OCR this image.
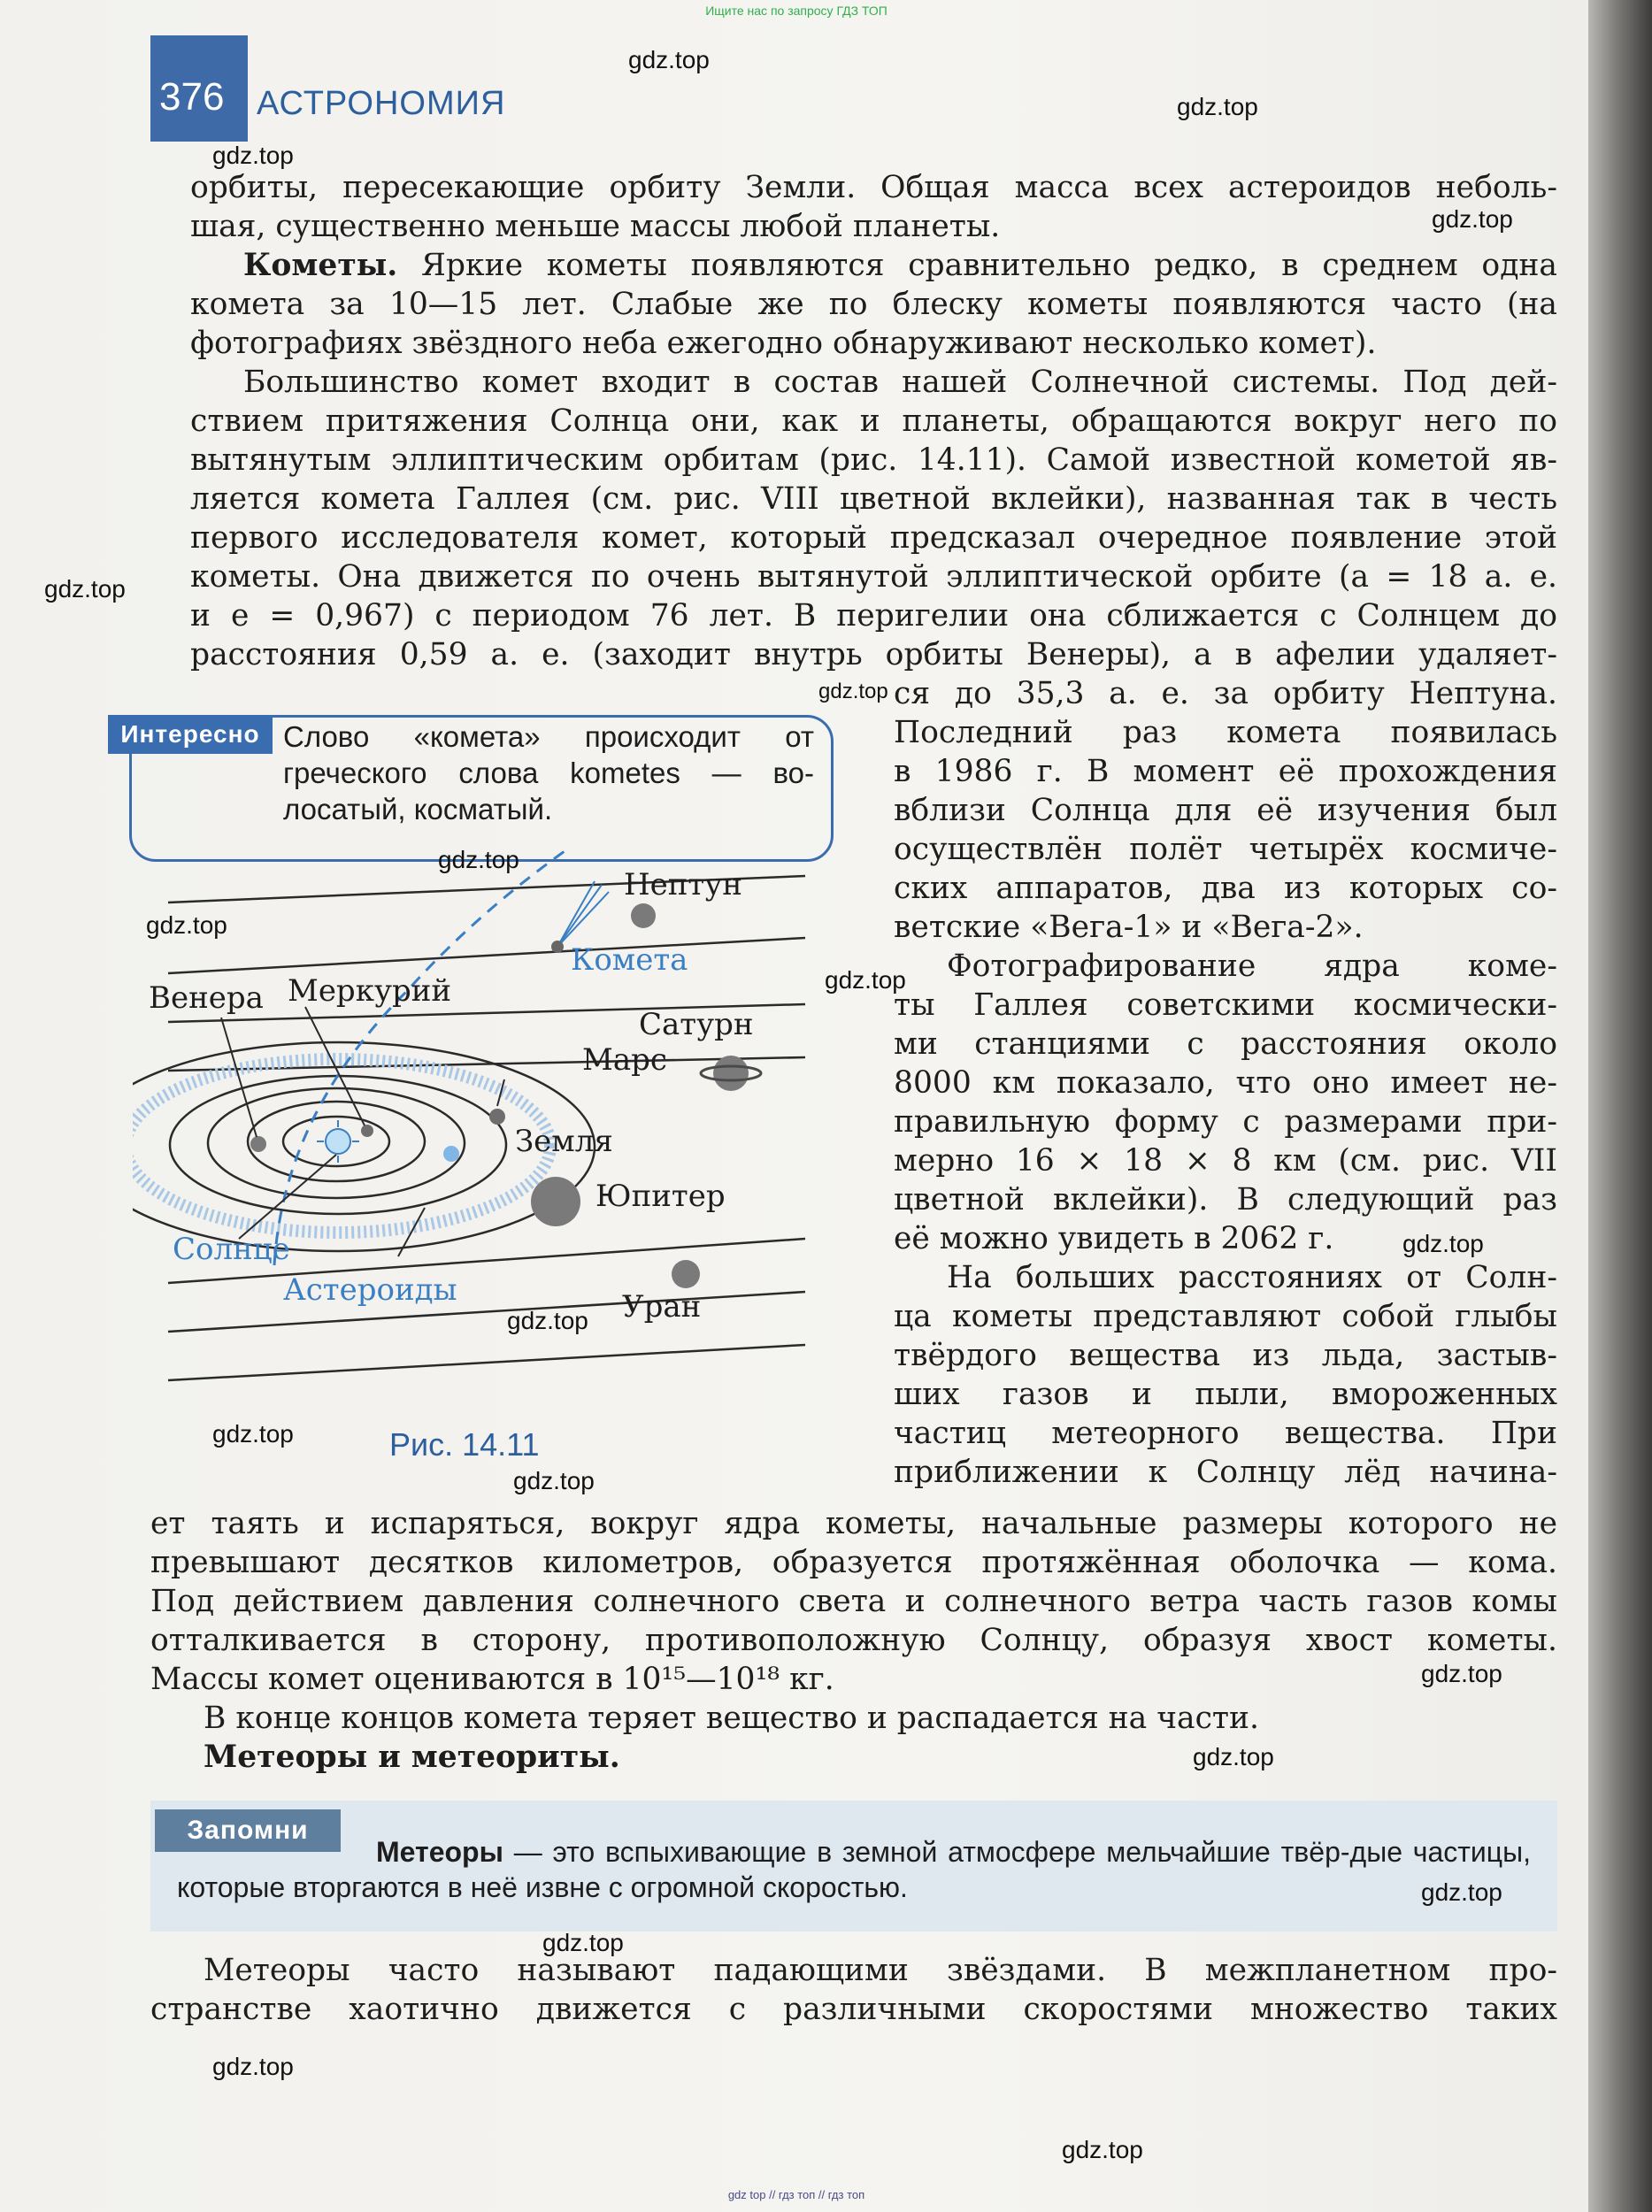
Ищите нас по запросу ГДЗ ТОП
376 АСТРОНОМИЯ

орбиты, пересекающие орбиту Земли. Общая масса всех астероидов неболь-

шая, существенно меньше массы любой планеты.

Кометы. Яркие кометы появляются сравнительно редко, в среднем одна

комета за 10—15 лет. Слабые же по блеску кометы появляются часто (на

фотографиях звёздного неба ежегодно обнаруживают несколько комет).

Большинство комет входит в состав нашей Солнечной системы. Под дей-

ствием притяжения Солнца они, как и планеты, обращаются вокруг него по

вытянутым эллиптическим орбитам (рис. 14.11). Самой известной кометой яв-

ляется комета Галлея (см. рис. VIII цветной вклейки), названная так в честь

первого исследователя комет, который предсказал очередное появление этой

кометы. Она движется по очень вытянутой эллиптической орбите (a = 18 а. е.

и e = 0,967) с периодом 76 лет. В перигелии она сближается с Солнцем до

расстояния 0,59 а. е. (заходит внутрь орбиты Венеры), а в афелии удаляет-

ся до 35,3 а. е. за орбиту Нептуна.

Последний раз комета появилась

в 1986 г. В момент её прохождения

вблизи Солнца для её изучения был

осуществлён полёт четырёх космиче-

ских аппаратов, два из которых со-

ветские «Вега-1» и «Вега-2».

Фотографирование ядра коме-

ты Галлея советскими космически-

ми станциями с расстояния около

8000 км показало, что оно имеет не-

правильную форму с размерами при-

мерно 16 × 18 × 8 км (см. рис. VII

цветной вклейки). В следующий раз

её можно увидеть в 2062 г.

На больших расстояниях от Солн-

ца кометы представляют собой глыбы

твёрдого вещества из льда, застыв-

ших газов и пыли, вмороженных

частиц метеорного вещества. При

приближении к Солнцу лёд начина-

Интересно Слово «комета» происходит от греческого слова kometes — во-лосатый, косматый.
Нептун
Комета
Венера Меркурий
Сатурн
Марс
Земля
Юпитер
Солнце
Астероиды	Уран
Рис. 14.11

ет таять и испаряться, вокруг ядра кометы, начальные размеры которого не

превышают десятков километров, образуется протяжённая оболочка — кома.

Под действием давления солнечного света и солнечного ветра часть газов комы

отталкивается в сторону, противоположную Солнцу, образуя хвост кометы.

Массы комет оцениваются в 10¹⁵—10¹⁸ кг.

В конце концов комета теряет вещество и распадается на части.
Метеоры и метеориты.
Запомни
Метеоры — это вспыхивающие в земной атмосфере мельчайшие твёр-дые частицы, которые вторгаются в неё извне с огромной скоростью.

Метеоры часто называют падающими звёздами. В межпланетном про-

странстве хаотично движется с различными скоростями множество таких

gdz.top
gdz.top
gdz.top
gdz.top
gdz.top
gdz.top
gdz.top
gdz.top
gdz.top
gdz.top
gdz.top
gdz.top
gdz.top
gdz.top
gdz.top
gdz.top
gdz.top
gdz.top
gdz.top
gdz top // гдз топ // гдз топ
